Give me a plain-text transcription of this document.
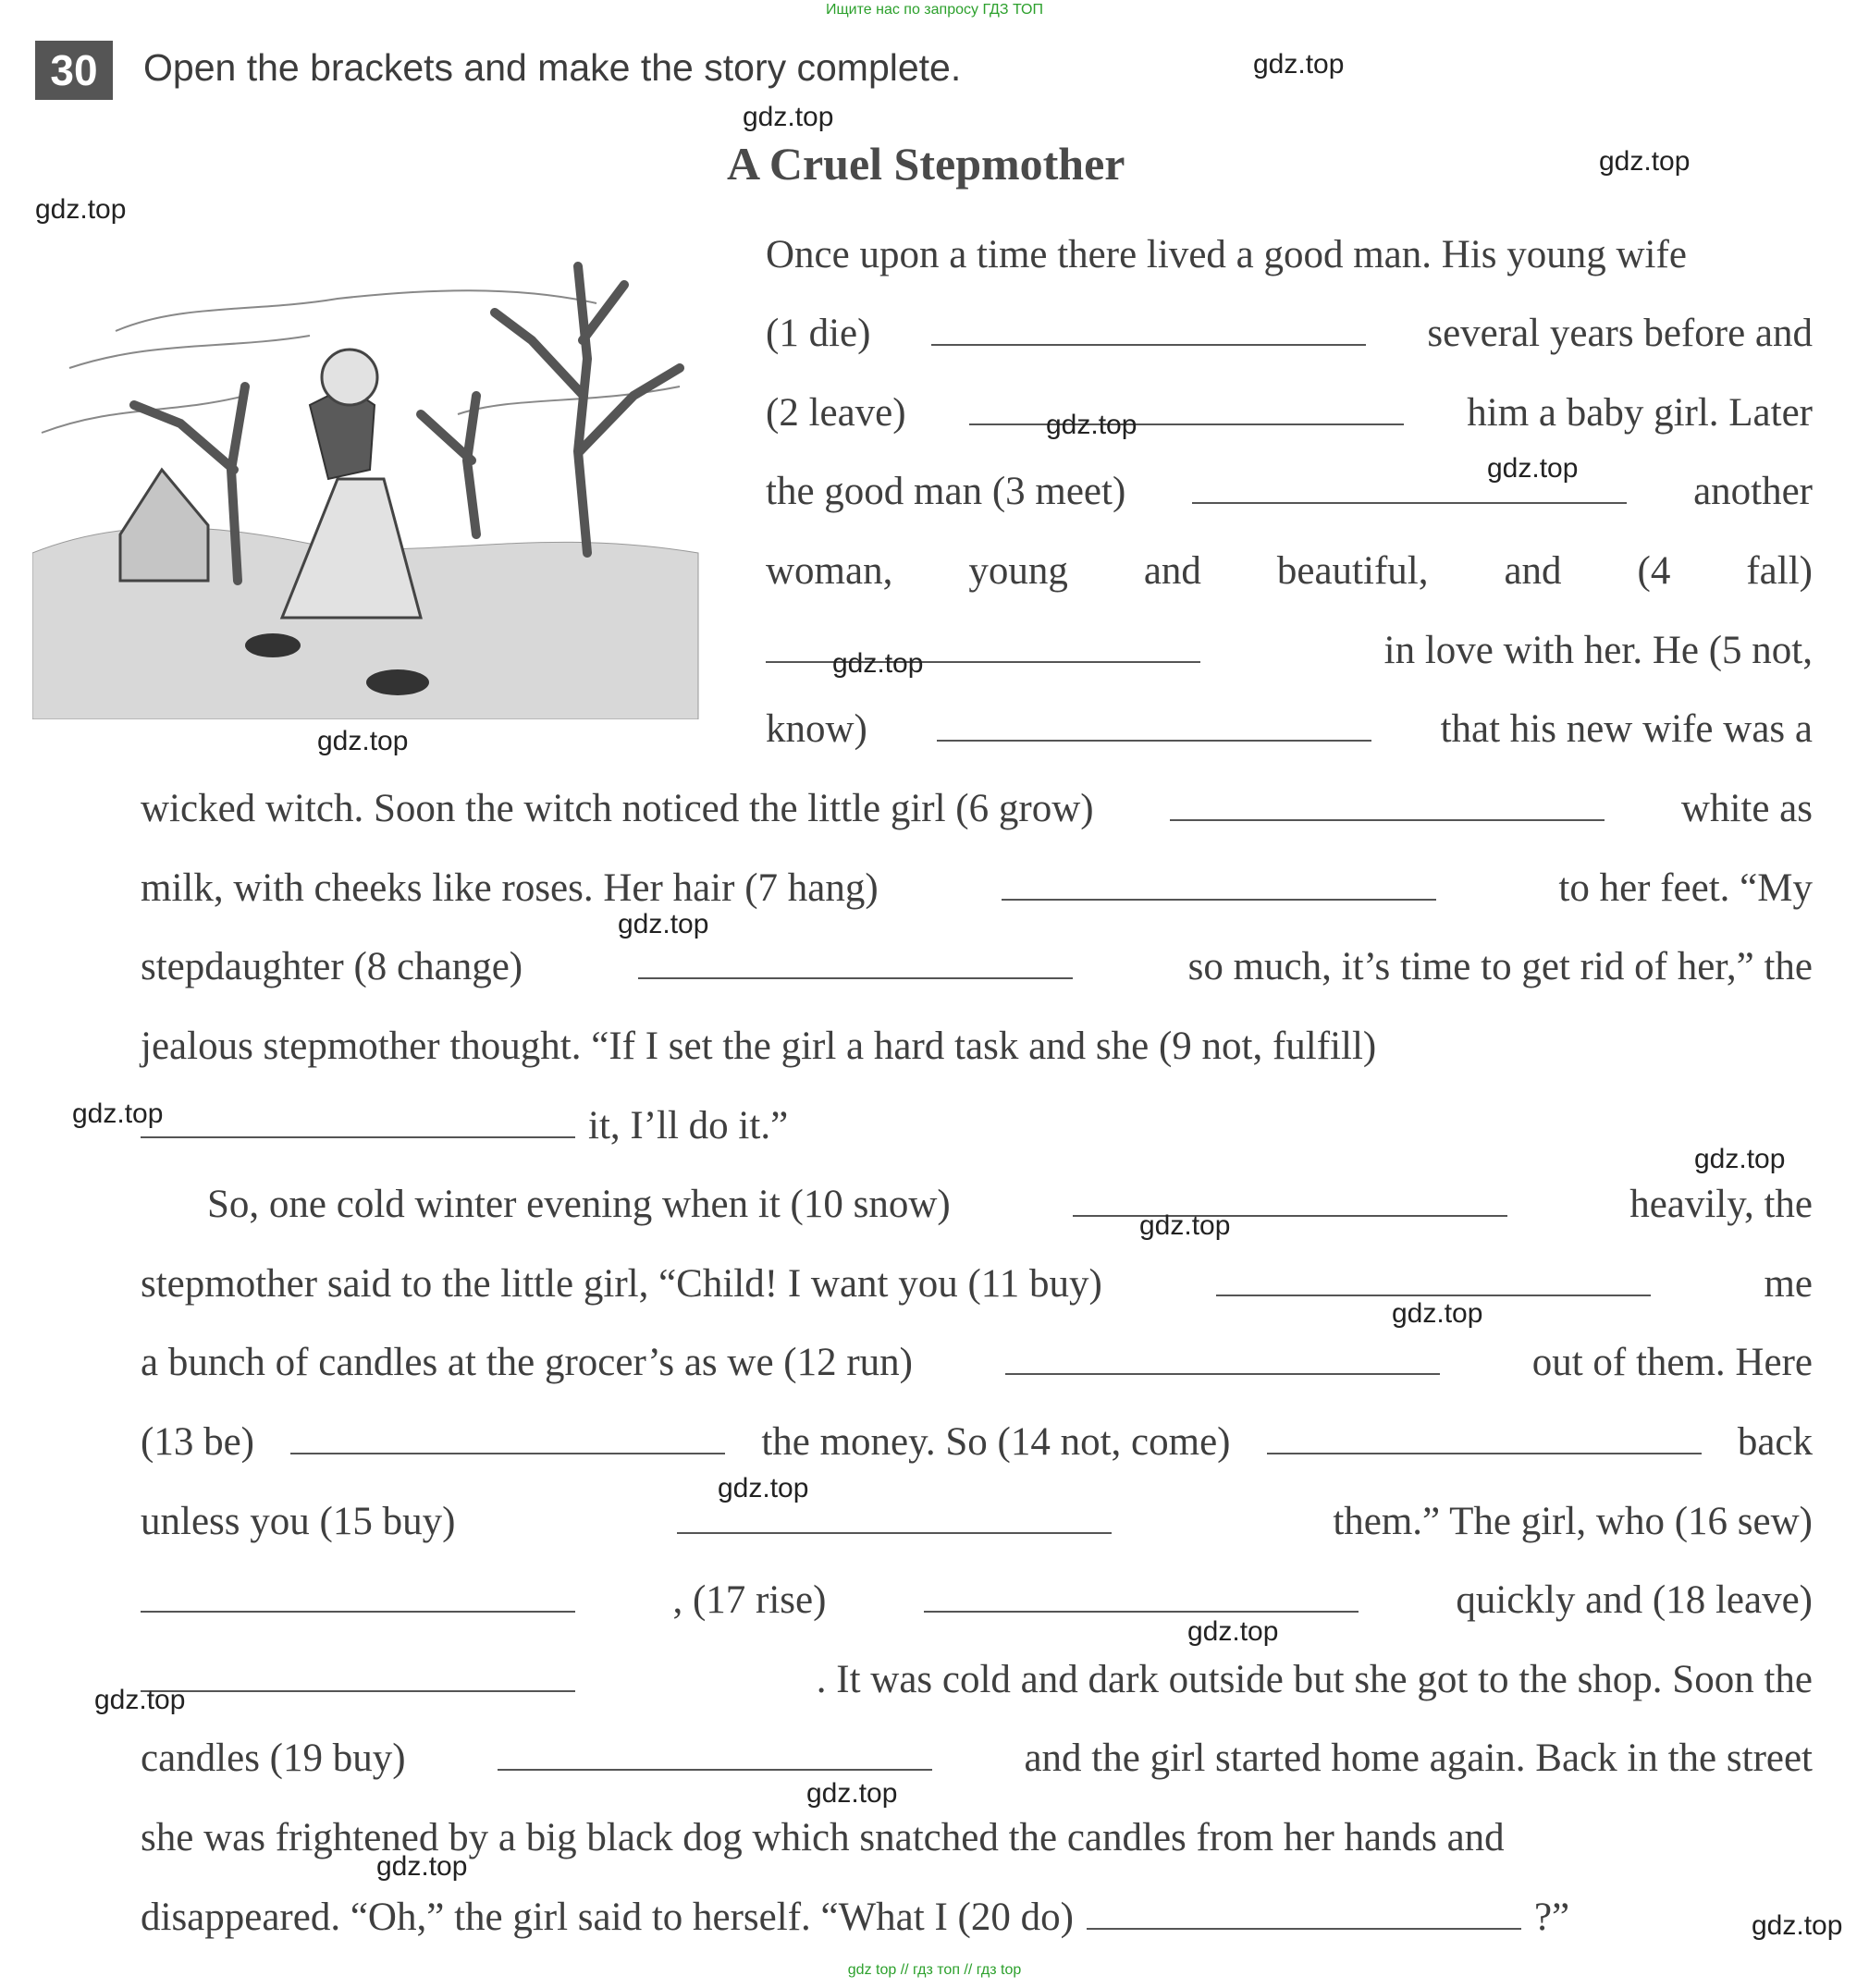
Ищите нас по запросу ГДЗ ТОП
30	Open the brackets and make the story complete.
A Cruel Stepmother
Once upon a time there lived a good man. His young wife
(1 die)	several years before and
(2 leave)	him a baby girl. Later
the good man (3 meet)	another
woman, young and beautiful, and (4 fall)
in love with her. He (5 not,
know)	that his new wife was a
wicked witch. Soon the witch noticed the little girl (6 grow)	white as
milk, with cheeks like roses. Her hair (7 hang)	to her feet. “My
stepdaughter (8 change)	so much, it’s time to get rid of her,” the
jealous stepmother thought. “If I set the girl a hard task and she (9 not, fulfill)
it, I’ll do it.”
So, one cold winter evening when it (10 snow)	heavily, the
stepmother said to the little girl, “Child! I want you (11 buy)	me
a bunch of candles at the grocer’s as we (12 run)	out of them. Here
(13 be)	the money. So (14 not, come)	back
unless you (15 buy)	them.” The girl, who (16 sew)
, (17 rise)	quickly and (18 leave)
. It was cold and dark outside but she got to the shop. Soon the
candles (19 buy)	and the girl started home again. Back in the street
she was frightened by a big black dog which snatched the candles from her hands and
disappeared. “Oh,” the girl said to herself. “What I (20 do)	?”
gdz.top
gdz.top
gdz.top
gdz.top
gdz.top
gdz.top
gdz.top
gdz.top
gdz.top
gdz.top
gdz.top
gdz.top
gdz.top
gdz.top
gdz.top
gdz.top
gdz.top
gdz.top
gdz.top
gdz top // гдз топ // гдз top
